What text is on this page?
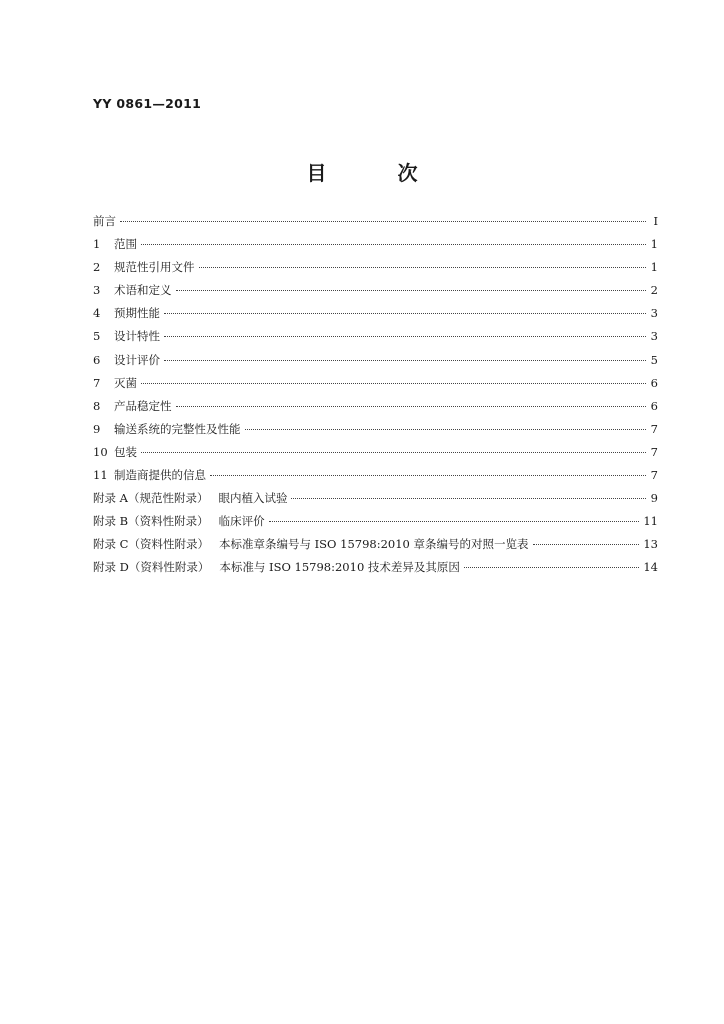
YY 0861—2011
目 次
前言	I
1	范围	1
2	规范性引用文件	1
3	术语和定义	2
4	预期性能	3
5	设计特性	3
6	设计评价	5
7	灭菌	6
8	产品稳定性	6
9	输送系统的完整性及性能	7
10 包装	7
11 制造商提供的信息	7
附录 A（规范性附录） 眼内植入试验	9
附录 B（资料性附录） 临床评价	11
附录 C（资料性附录） 本标准章条编号与 ISO 15798:2010 章条编号的对照一览表	13
附录 D（资料性附录） 本标准与 ISO 15798:2010 技术差异及其原因	14
